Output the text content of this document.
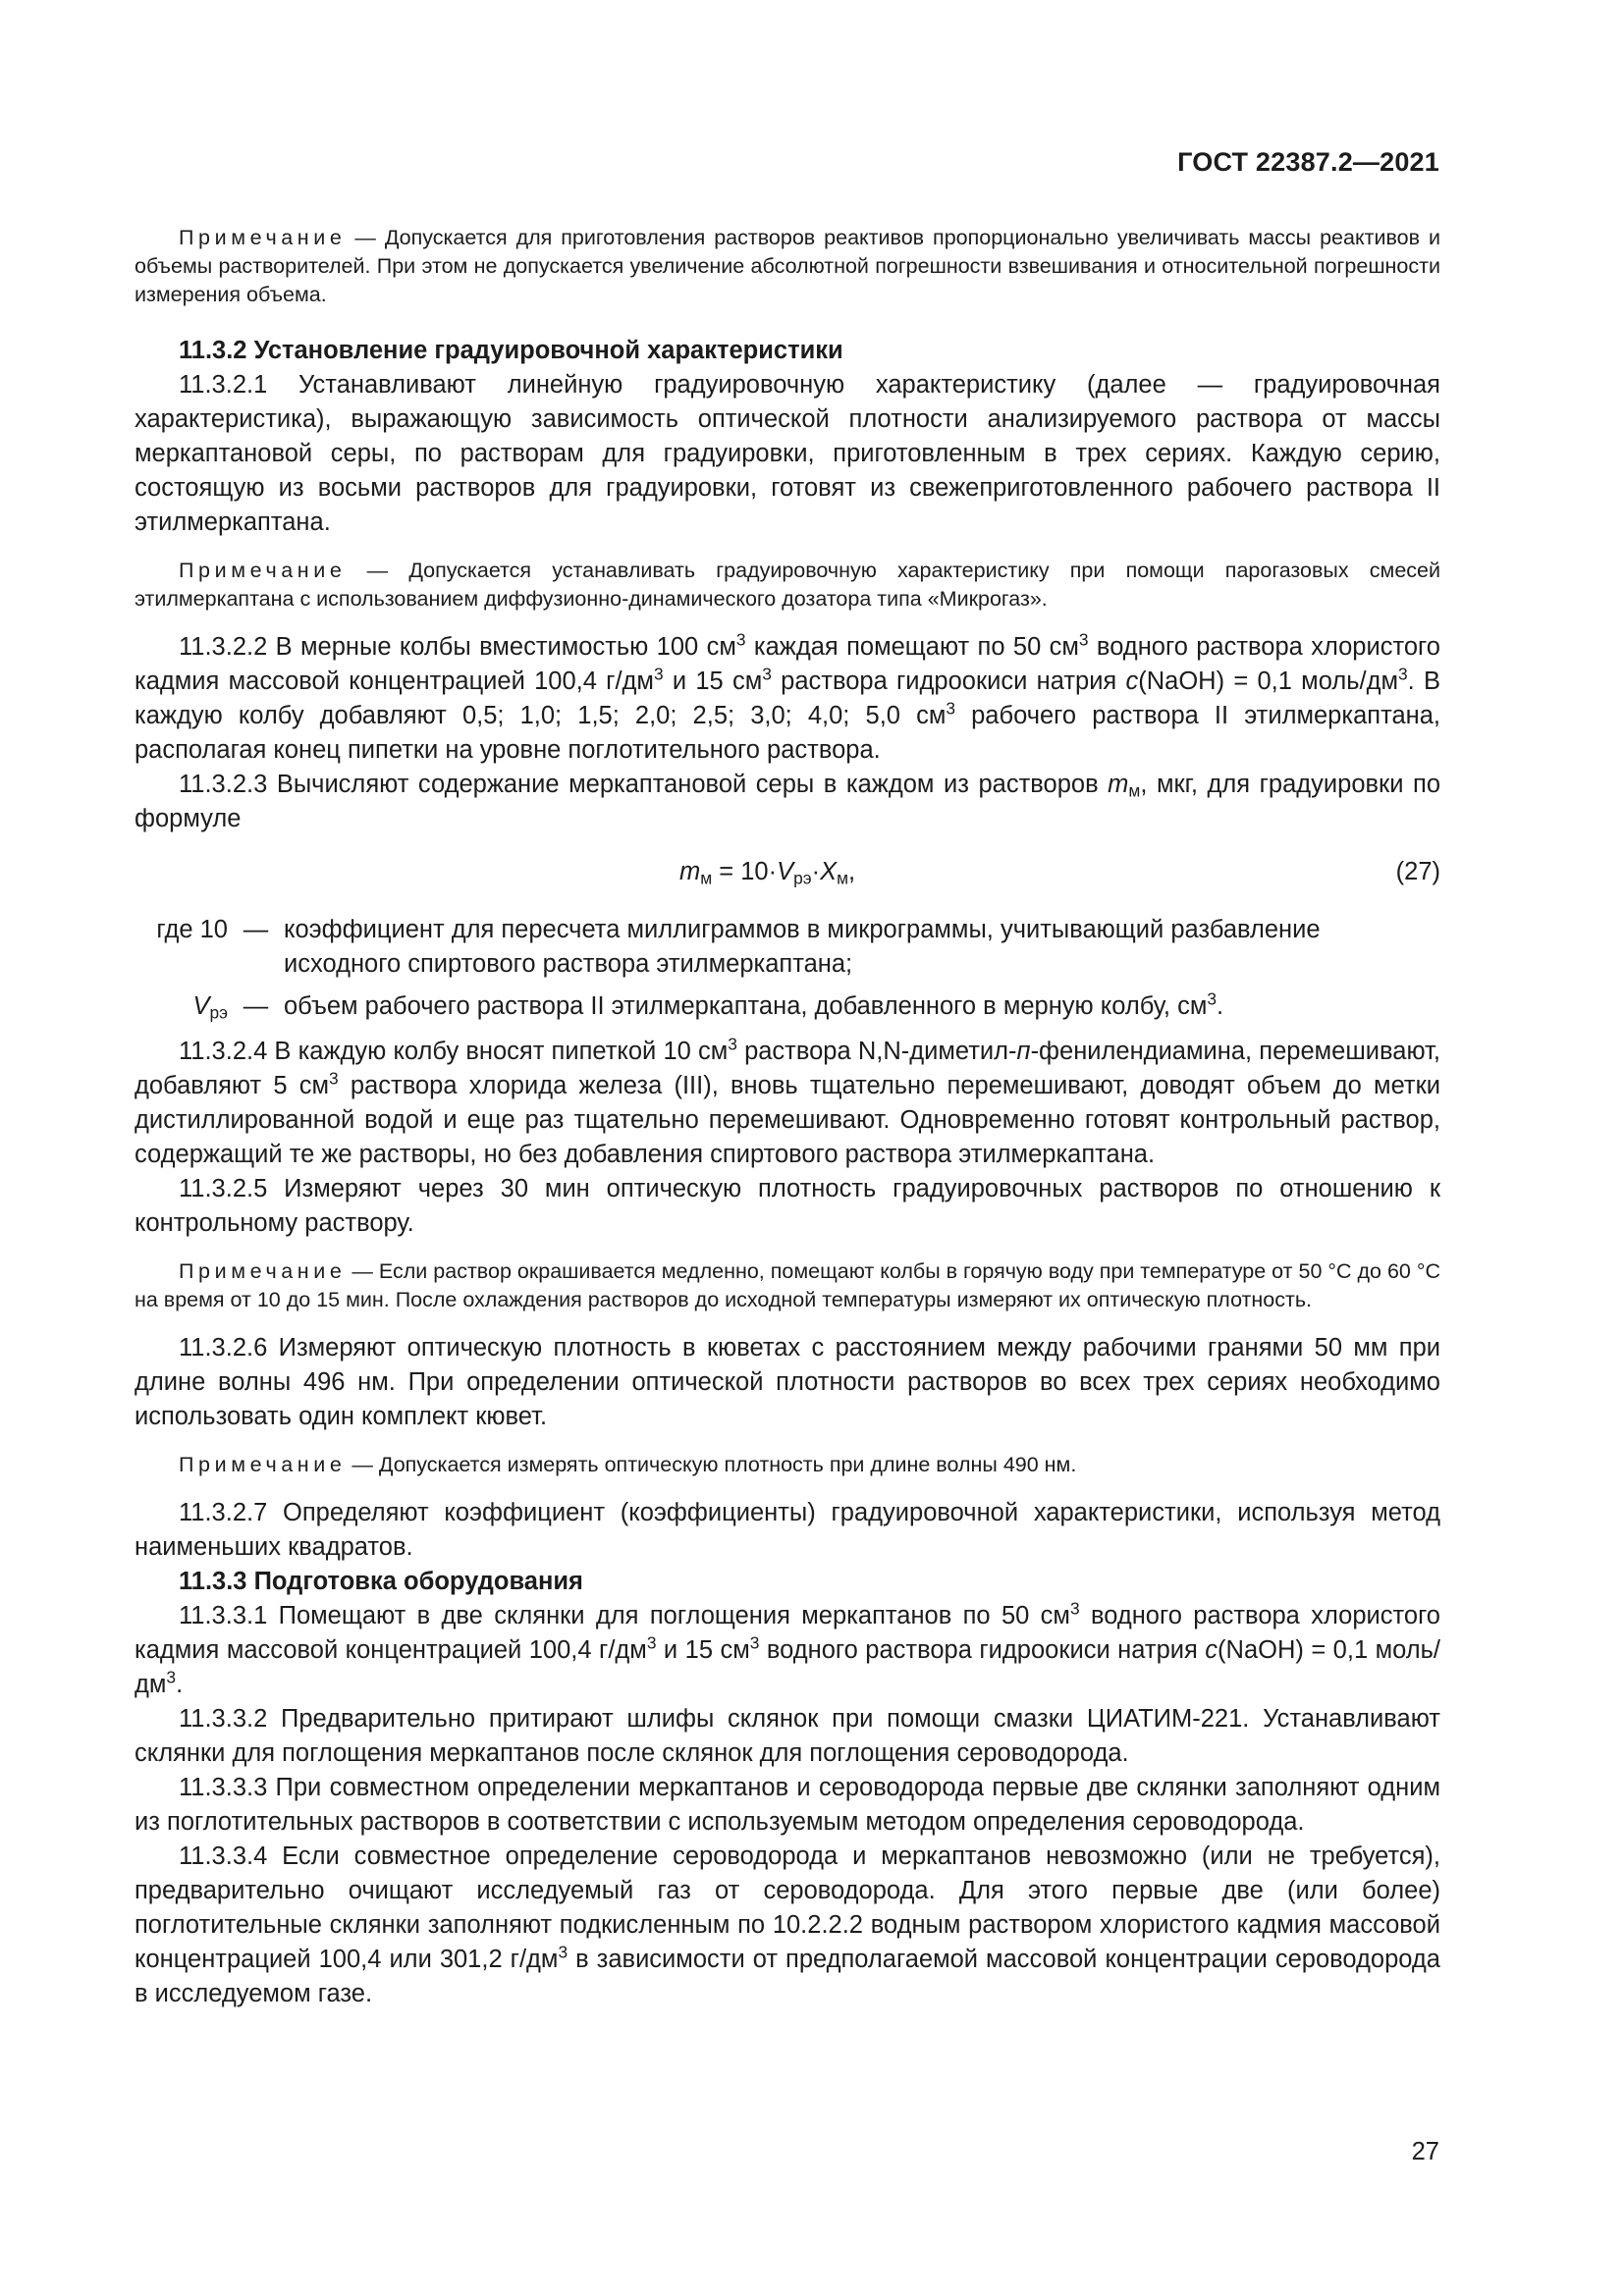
ГОСТ 22387.2—2021

Примечание — Допускается для приготовления растворов реактивов пропорционально увеличивать массы реактивов и объемы растворителей. При этом не допускается увеличение абсолютной погрешности взвешивания и относительной погрешности измерения объема.

11.3.2 Установление градуировочной характеристики

11.3.2.1 Устанавливают линейную градуировочную характеристику (далее — градуировочная характеристика), выражающую зависимость оптической плотности анализируемого раствора от массы меркаптановой серы, по растворам для градуировки, приготовленным в трех сериях. Каждую серию, состоящую из восьми растворов для градуировки, готовят из свежеприготовленного рабочего раствора II этилмеркаптана.

Примечание — Допускается устанавливать градуировочную характеристику при помощи парогазовых смесей этилмеркаптана с использованием диффузионно-динамического дозатора типа «Микрогаз».

11.3.2.2 В мерные колбы вместимостью 100 $см^3$ каждая помещают по 50 $см^3$ водного раствора хлористого кадмия массовой концентрацией 100,4 $г/дм^3$ и 15 $см^3$ раствора гидроокиси натрия c(NaOH) = 0,1 моль/$дм^3$. В каждую колбу добавляют 0,5; 1,0; 1,5; 2,0; 2,5; 3,0; 4,0; 5,0 $см^3$ рабочего раствора II этилмеркаптана, располагая конец пипетки на уровне поглотительного раствора.

11.3.2.3 Вычисляют содержание меркаптановой серы в каждом из растворов $m_м$, мкг, для градуировки по формуле

$m_м = 10\cdot V_{рэ}\cdot X_м$,	(27)
где 10 — коэффициент для пересчета миллиграммов в микрограммы, учитывающий разбавление исходного спиртового раствора этилмеркаптана;
$V_{рэ}$ — объем рабочего раствора II этилмеркаптана, добавленного в мерную колбу, $см^3$.

11.3.2.4 В каждую колбу вносят пипеткой 10 $см^3$ раствора N,N-диметил-п-фенилендиамина, перемешивают, добавляют 5 $см^3$ раствора хлорида железа (III), вновь тщательно перемешивают, доводят объем до метки дистиллированной водой и еще раз тщательно перемешивают. Одновременно готовят контрольный раствор, содержащий те же растворы, но без добавления спиртового раствора этилмеркаптана.

11.3.2.5 Измеряют через 30 мин оптическую плотность градуировочных растворов по отношению к контрольному раствору.

Примечание — Если раствор окрашивается медленно, помещают колбы в горячую воду при температуре от 50 °С до 60 °С на время от 10 до 15 мин. После охлаждения растворов до исходной температуры измеряют их оптическую плотность.

11.3.2.6 Измеряют оптическую плотность в кюветах с расстоянием между рабочими гранями 50 мм при длине волны 496 нм. При определении оптической плотности растворов во всех трех сериях необходимо использовать один комплект кювет.

Примечание — Допускается измерять оптическую плотность при длине волны 490 нм.

11.3.2.7 Определяют коэффициент (коэффициенты) градуировочной характеристики, используя метод наименьших квадратов.

11.3.3 Подготовка оборудования

11.3.3.1 Помещают в две склянки для поглощения меркаптанов по 50 $см^3$ водного раствора хлористого кадмия массовой концентрацией 100,4 $г/дм^3$ и 15 $см^3$ водного раствора гидроокиси натрия c(NaOH) = 0,1 моль/$дм^3$.

11.3.3.2 Предварительно притирают шлифы склянок при помощи смазки ЦИАТИМ-221. Устанавливают склянки для поглощения меркаптанов после склянок для поглощения сероводорода.

11.3.3.3 При совместном определении меркаптанов и сероводорода первые две склянки заполняют одним из поглотительных растворов в соответствии с используемым методом определения сероводорода.

11.3.3.4 Если совместное определение сероводорода и меркаптанов невозможно (или не требуется), предварительно очищают исследуемый газ от сероводорода. Для этого первые две (или более) поглотительные склянки заполняют подкисленным по 10.2.2.2 водным раствором хлористого кадмия массовой концентрацией 100,4 или 301,2 $г/дм^3$ в зависимости от предполагаемой массовой концентрации сероводорода в исследуемом газе.

27
